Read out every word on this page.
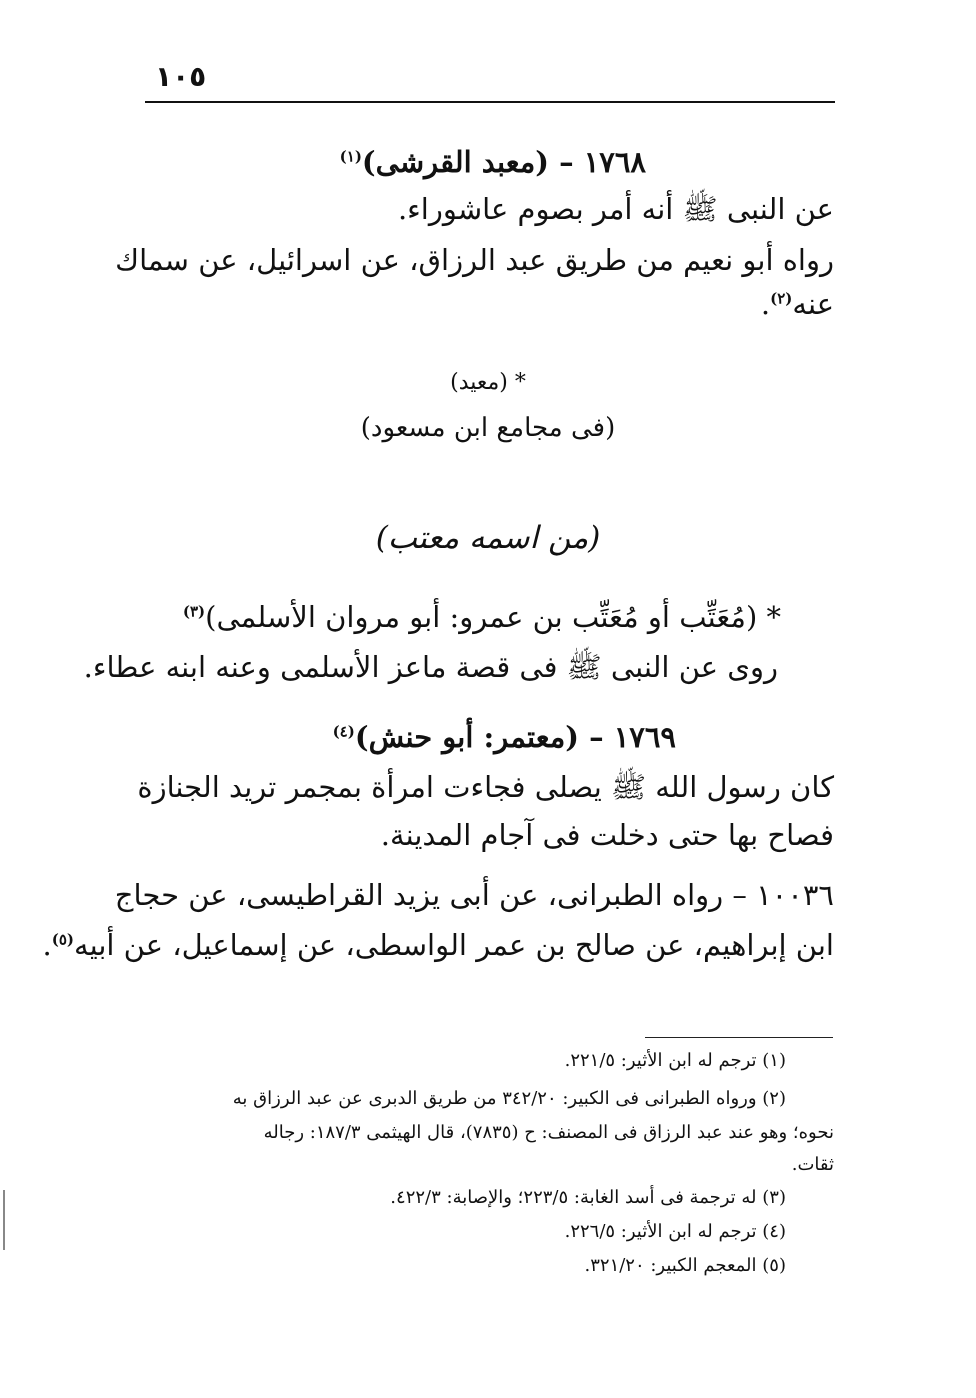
١٠٥
١٧٦٨ – (معبد القرشى)$^{(١)}$
عن النبى ﷺ أنه أمر بصوم عاشوراء.
رواه أبو نعيم من طريق عبد الرزاق، عن اسرائيل، عن سماك
عنه$^{(٢)}$.
* (معيد)
(فى مجامع ابن مسعود)
(من اسمه معتب)
* (مُعَتِّب أو مُعَتِّب بن عمرو: أبو مروان الأسلمى)$^{(٣)}$
روى عن النبى ﷺ فى قصة ماعز الأسلمى وعنه ابنه عطاء.
١٧٦٩ – (معتمر: أبو حنش)$^{(٤)}$
كان رسول الله ﷺ يصلى فجاءت امرأة بمجمر تريد الجنازة
فصاح بها حتى دخلت فى آجام المدينة.
١٠٠٣٦ – رواه الطبرانى، عن أبى يزيد القراطيسى، عن حجاج
ابن إبراهيم، عن صالح بن عمر الواسطى، عن إسماعيل، عن أبيه$^{(٥)}$.
(١) ترجم له ابن الأثير: ٢٢١/٥.
(٢) ورواه الطبرانى فى الكبير: ٣٤٢/٢٠ من طريق الدبرى عن عبد الرزاق به
نحوه؛ وهو عند عبد الرزاق فى المصنف: ح (٧٨٣٥)، قال الهيثمى ١٨٧/٣: رجاله
ثقات.
(٣) له ترجمة فى أسد الغابة: ٢٢٣/٥؛ والإصابة: ٤٢٢/٣.
(٤) ترجم له ابن الأثير: ٢٢٦/٥.
(٥) المعجم الكبير: ٣٢١/٢٠.
